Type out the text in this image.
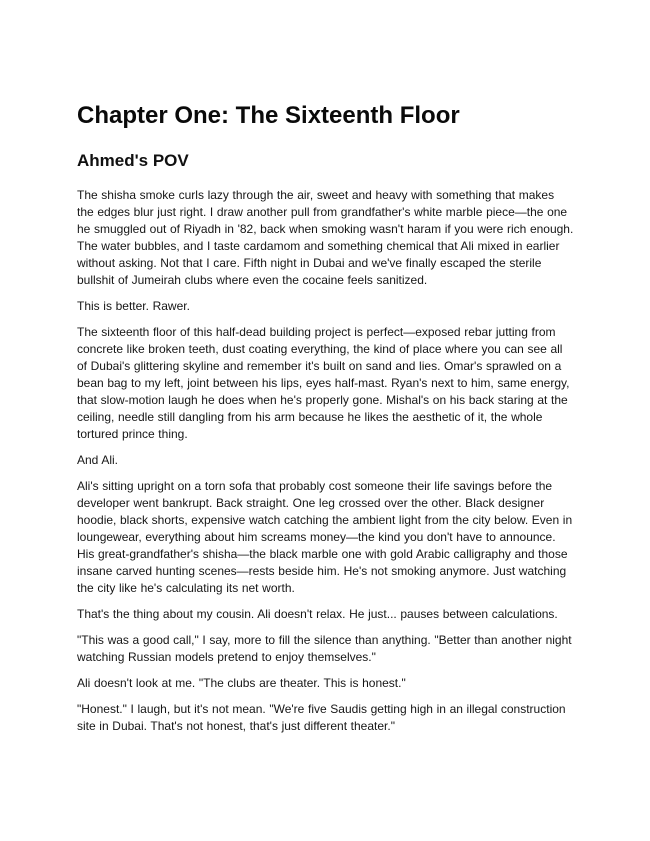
Chapter One: The Sixteenth Floor
Ahmed's POV

The shisha smoke curls lazy through the air, sweet and heavy with something that makes the edges blur just right. I draw another pull from grandfather's white marble piece—the one he smuggled out of Riyadh in '82, back when smoking wasn't haram if you were rich enough. The water bubbles, and I taste cardamom and something chemical that Ali mixed in earlier without asking. Not that I care. Fifth night in Dubai and we've finally escaped the sterile bullshit of Jumeirah clubs where even the cocaine feels sanitized.

This is better. Rawer.

The sixteenth floor of this half-dead building project is perfect—exposed rebar jutting from concrete like broken teeth, dust coating everything, the kind of place where you can see all of Dubai's glittering skyline and remember it's built on sand and lies. Omar's sprawled on a bean bag to my left, joint between his lips, eyes half-mast. Ryan's next to him, same energy, that slow-motion laugh he does when he's properly gone. Mishal's on his back staring at the ceiling, needle still dangling from his arm because he likes the aesthetic of it, the whole tortured prince thing.

And Ali.

Ali's sitting upright on a torn sofa that probably cost someone their life savings before the developer went bankrupt. Back straight. One leg crossed over the other. Black designer hoodie, black shorts, expensive watch catching the ambient light from the city below. Even in loungewear, everything about him screams money—the kind you don't have to announce. His great-grandfather's shisha—the black marble one with gold Arabic calligraphy and those insane carved hunting scenes—rests beside him. He's not smoking anymore. Just watching the city like he's calculating its net worth.

That's the thing about my cousin. Ali doesn't relax. He just... pauses between calculations.

"This was a good call," I say, more to fill the silence than anything. "Better than another night watching Russian models pretend to enjoy themselves."

Ali doesn't look at me. "The clubs are theater. This is honest."

"Honest." I laugh, but it's not mean. "We're five Saudis getting high in an illegal construction site in Dubai. That's not honest, that's just different theater."
